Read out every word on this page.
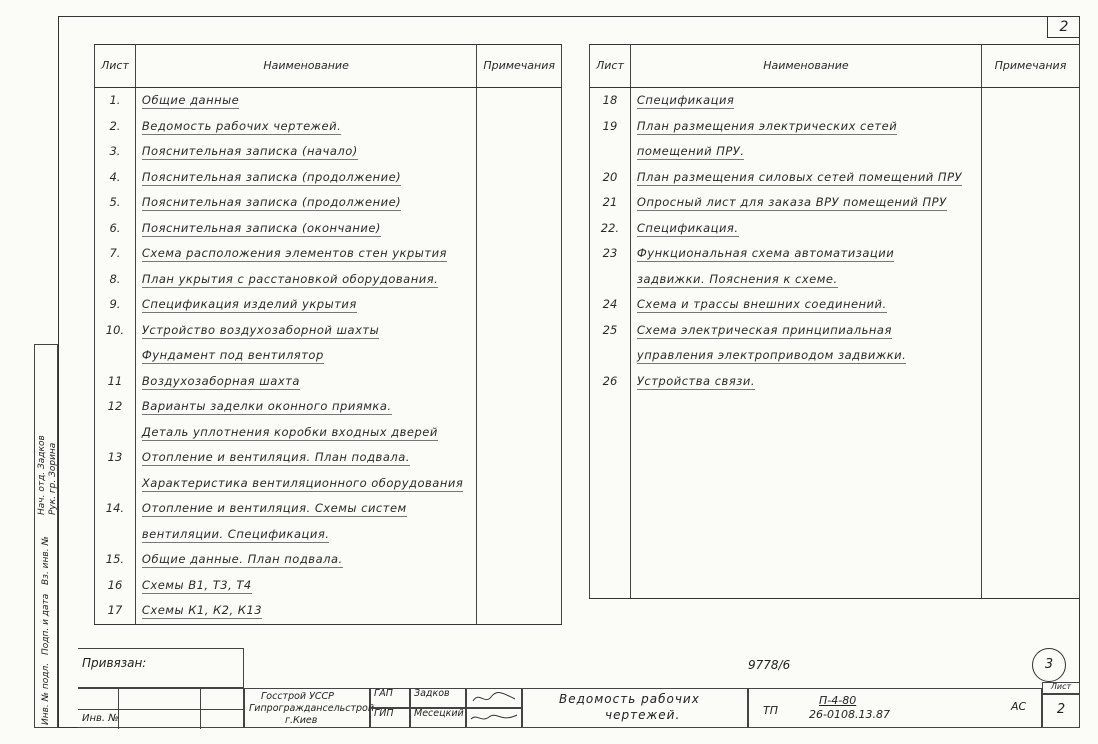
2
Лист	Наименование	Примечания
1.	Общие данные	
2.	Ведомость рабочих чертежей.	
3.	Пояснительная записка (начало)	
4.	Пояснительная записка (продолжение)	
5.	Пояснительная записка (продолжение)	
6.	Пояснительная записка (окончание)	
7.	Схема расположения элементов стен укрытия	
8.	План укрытия с расстановкой оборудования.	
9.	Спецификация изделий укрытия	
10.	Устройство воздухозаборной шахты	
	Фундамент под вентилятор	
11	Воздухозаборная шахта	
12	Варианты заделки оконного приямка.	
	Деталь уплотнения коробки входных дверей	
13	Отопление и вентиляция. План подвала.	
	Характеристика вентиляционного оборудования	
14.	Отопление и вентиляция. Схемы систем	
	вентиляции. Спецификация.	
15.	Общие данные. План подвала.	
16	Схемы В1, Т3, Т4	
17	Схемы К1, К2, К13	
Лист	Наименование	Примечания
18	Спецификация	
19	План размещения электрических сетей	
	помещений ПРУ.	
20	План размещения силовых сетей помещений ПРУ	
21	Опросный лист для заказа ВРУ помещений ПРУ	
22.	Спецификация.	
23	Функциональная схема автоматизации	
	задвижки. Пояснения к схеме.	
24	Схема и трассы внешних соединений.	
25	Схема электрическая принципиальная	
	управления электроприводом задвижки.	
26	Устройства связи.	

Нач. отд. Задков Рук. гр. Зорина
Вз. инв. №
Подп. и дата
Инв. № подл.	Привязан:
Инв. №
Госстрой УССР
Гипрограждансельстрой
г.Киев
ГАП
ГИП
Задков
Месецкий
Ведомость рабочих
чертежей.
9778/6
ТП
П-4-80
26-0108.13.87
АС
Лист
2
3
